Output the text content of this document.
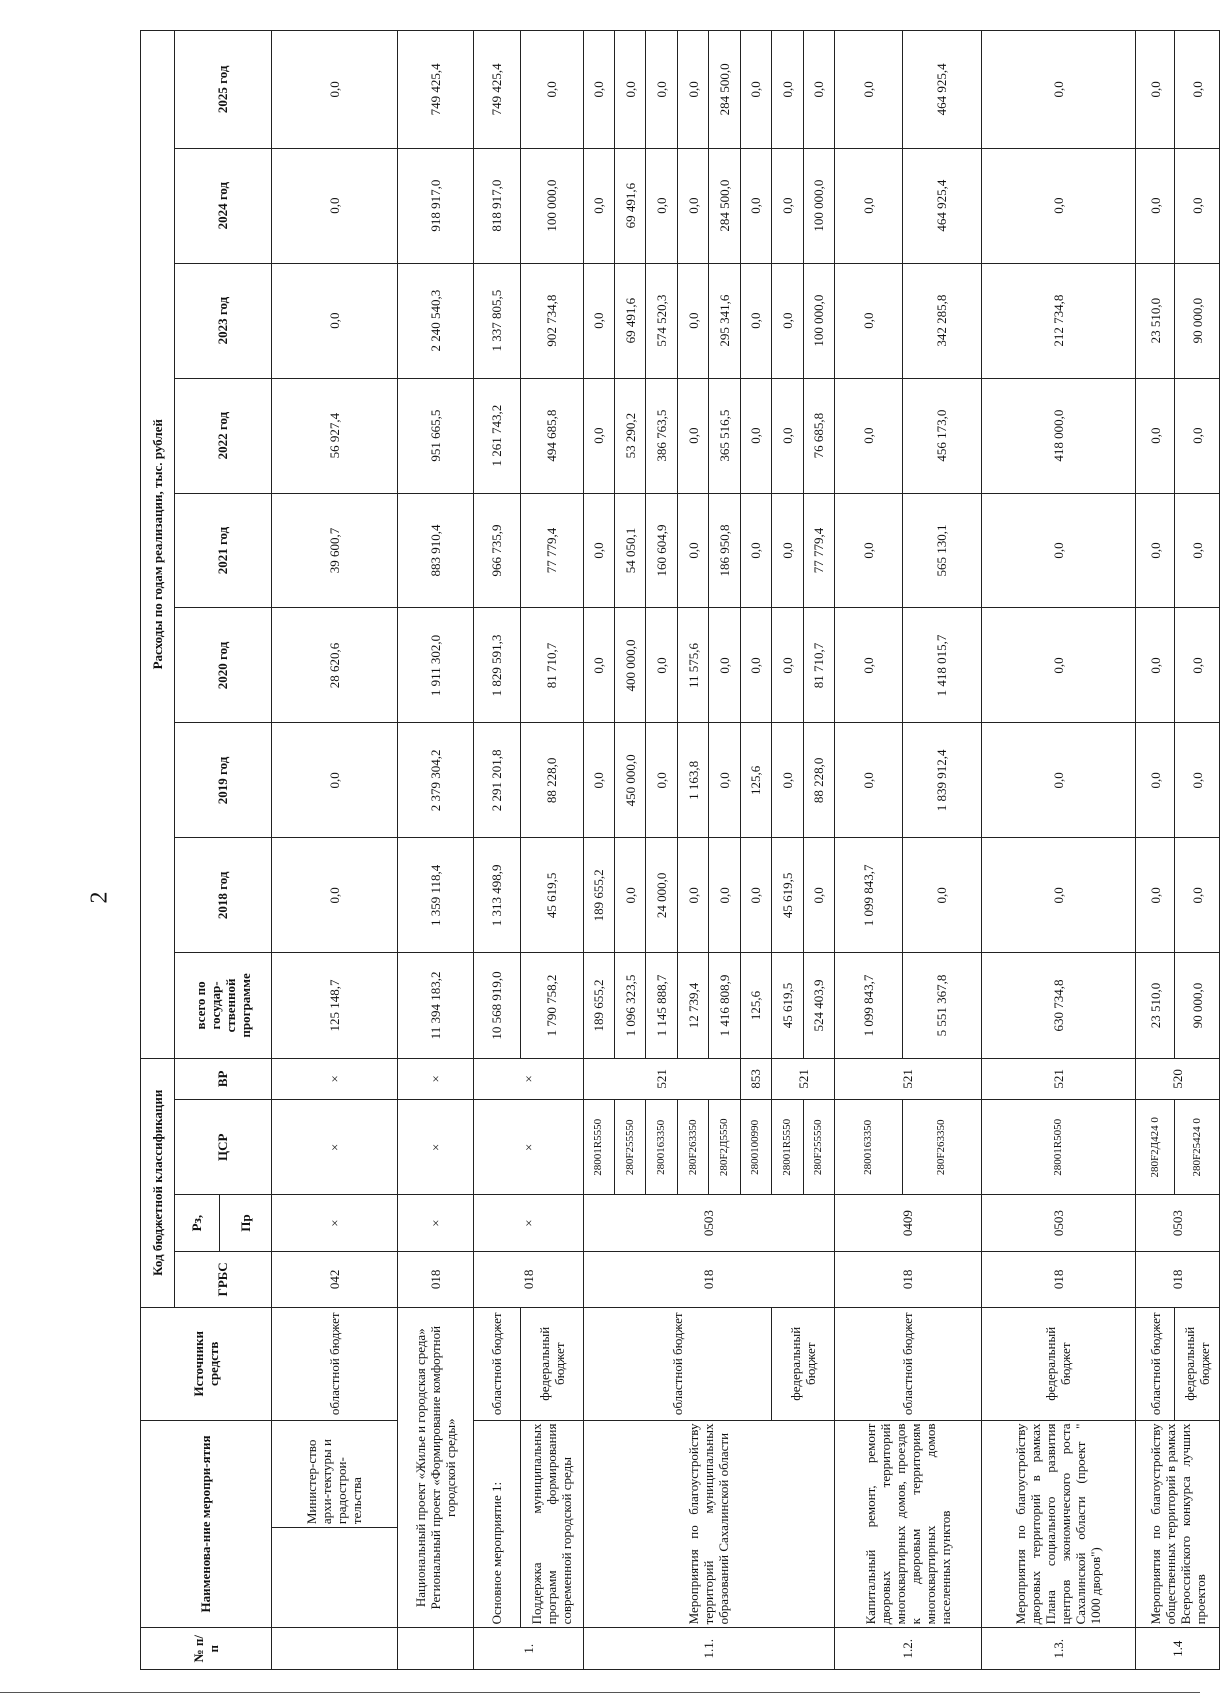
2
№ п/п	Наименова-ние меропри-ятия		Источники средств	Код бюджетной классификации				Расходы по годам реализации, тыс. рублей								
				ГРБС	Рз,	ЦСР	ВР	всего по государ-ственной программе	2018 год	2019 год	2020 год	2021 год	2022 год	2023 год	2024 год	2025 год
					Пр											
		Министер-ство архи-тектуры и градострои-тельства	областной бюджет	042	×	×	×	125 148,7	0,0	0,0	28 620,6	39 600,7	56 927,4	0,0	0,0	0,0
	Национальный проект «Жилье и городская среда» Региональный проект «Формирование комфортной городской среды»			018	×	×	×	11 394 183,2	1 359 118,4	2 379 304,2	1 911 302,0	883 910,4	951 665,5	2 240 540,3	918 917,0	749 425,4
1.	Основное мероприятие 1:		областной бюджет	018	×	×	×	10 568 919,0	1 313 498,9	2 291 201,8	1 829 591,3	966 735,9	1 261 743,2	1 337 805,5	818 917,0	749 425,4
	Поддержка муниципальных программ формирования современной городской среды		федеральный бюджет					1 790 758,2	45 619,5	88 228,0	81 710,7	77 779,4	494 685,8	902 734,8	100 000,0	0,0
1.1.	Мероприятия по благоустройству территорий муниципальных образований Сахалинской области		областной бюджет	018	0503	28001R5550	521	189 655,2	189 655,2	0,0	0,0	0,0	0,0	0,0	0,0	0,0
						280F255550		1 096 323,5	0,0	450 000,0	400 000,0	54 050,1	53 290,2	69 491,6	69 491,6	0,0
						2800163350		1 145 888,7	24 000,0	0,0	0,0	160 604,9	386 763,5	574 520,3	0,0	0,0
						280F263350		12 739,4	0,0	1 163,8	11 575,6	0,0	0,0	0,0	0,0	0,0
						280F2Д5550		1 416 808,9	0,0	0,0	0,0	186 950,8	365 516,5	295 341,6	284 500,0	284 500,0
						2800100990	853	125,6	0,0	125,6	0,0	0,0	0,0	0,0	0,0	0,0
			федеральный бюджет			28001R5550	521	45 619,5	45 619,5	0,0	0,0	0,0	0,0	0,0	0,0	0,0
						280F255550		524 403,9	0,0	88 228,0	81 710,7	77 779,4	76 685,8	100 000,0	100 000,0	0,0
1.2.	Капитальный ремонт, ремонт дворовых территорий многоквартирных домов, проездов к дворовым территориям многоквартирных домов населенных пунктов		областной бюджет	018	0409	2800163350	521	1 099 843,7	1 099 843,7	0,0	0,0	0,0	0,0	0,0	0,0	0,0
						280F263350		5 551 367,8	0,0	1 839 912,4	1 418 015,7	565 130,1	456 173,0	342 285,8	464 925,4	464 925,4
1.3.	Мероприятия по благоустройству дворовых территорий в рамках Плана социального развития центров экономического роста Сахалинской области (проект " 1000 дворов")		федеральный бюджет	018	0503	28001R5050	521	630 734,8	0,0	0,0	0,0	0,0	418 000,0	212 734,8	0,0	0,0
1.4	Мероприятия по благоустройству общественных территорий в рамках Всероссийского конкурса лучших проектов		областной бюджет	018	0503	280F2Д424 0	520	23 510,0	0,0	0,0	0,0	0,0	0,0	23 510,0	0,0	0,0
			федеральный бюджет			280F25424 0		90 000,0	0,0	0,0	0,0	0,0	0,0	90 000,0	0,0	0,0
